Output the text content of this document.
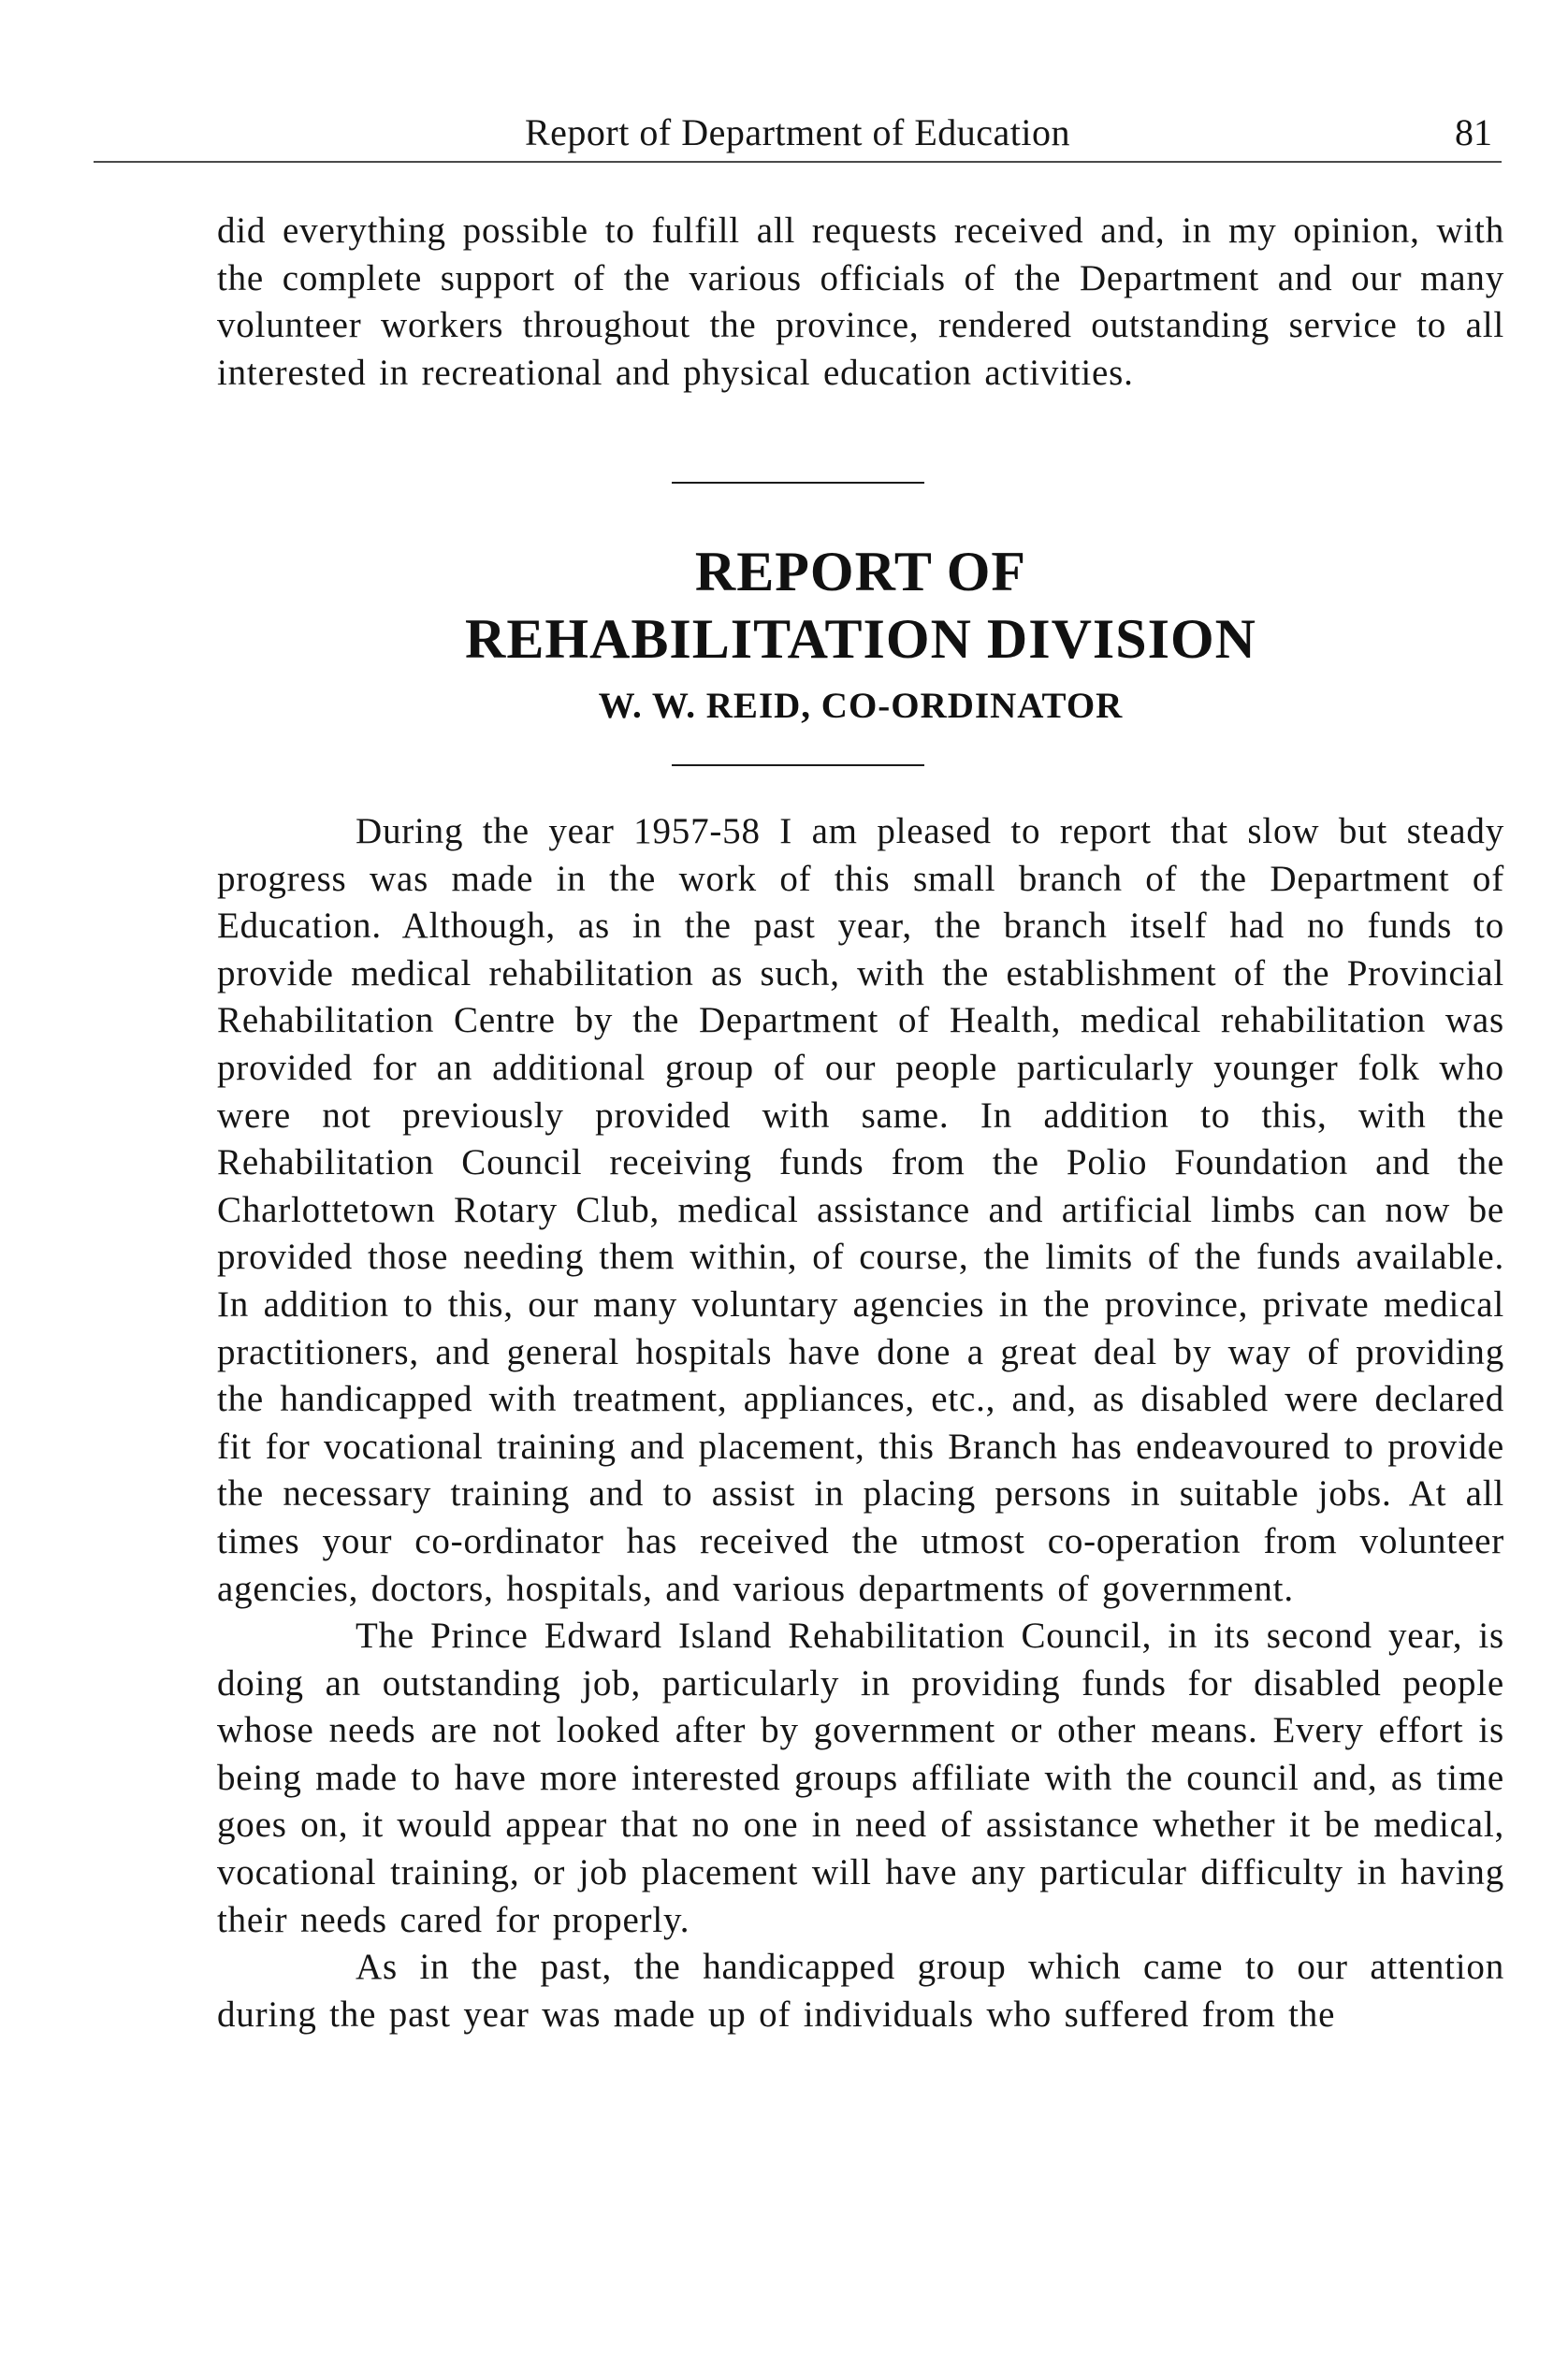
Report of Department of Education	81

did everything possible to fulfill all requests received and, in my opinion, with the complete support of the various officials of the Department and our many volunteer workers throughout the province, rendered outstanding service to all interested in recreational and physical education activities.

REPORT OF
REHABILITATION DIVISION
W. W. REID, CO-ORDINATOR

During the year 1957-58 I am pleased to report that slow but steady progress was made in the work of this small branch of the Department of Education. Although, as in the past year, the branch itself had no funds to provide medical rehabilitation as such, with the establishment of the Provincial Rehabilitation Centre by the Department of Health, medical rehabilitation was provided for an additional group of our people particularly younger folk who were not previously provided with same. In addition to this, with the Rehabilitation Council receiving funds from the Polio Foundation and the Charlottetown Rotary Club, medical assistance and artificial limbs can now be provided those needing them within, of course, the limits of the funds available. In addition to this, our many voluntary agencies in the province, private medical practitioners, and general hospitals have done a great deal by way of providing the handicapped with treatment, appliances, etc., and, as disabled were declared fit for vocational training and placement, this Branch has endeavoured to provide the necessary training and to assist in placing persons in suitable jobs. At all times your co-ordinator has received the utmost co-operation from volunteer agencies, doctors, hospitals, and various departments of government.

The Prince Edward Island Rehabilitation Council, in its second year, is doing an outstanding job, particularly in providing funds for disabled people whose needs are not looked after by government or other means. Every effort is being made to have more interested groups affiliate with the council and, as time goes on, it would appear that no one in need of assistance whether it be medical, vocational training, or job placement will have any particular difficulty in having their needs cared for properly.

As in the past, the handicapped group which came to our attention during the past year was made up of individuals who suffered from the
